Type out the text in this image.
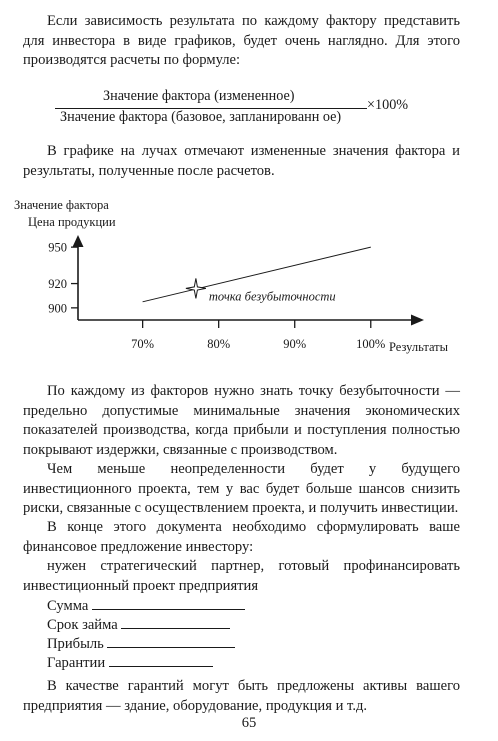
Если зависимость результата по каждому фактору представить для инвестора в виде графиков, будет очень наглядно. Для этого производятся расчеты по формуле:

Значение фактора (измененное)
Значение фактора (базовое, запланированн ое)
×100%

В графике на лучах отмечают измененные значения фактора и результаты, полученные после расчетов.

Значение фактора
Цена продукции
900
920
950
70%	80%	90%	100%
точка безубыточности
Результаты

По каждому из факторов нужно знать точку безубыточности — предельно допустимые минимальные значения экономических показателей производства, когда прибыли и поступления полностью покрывают издержки, связанные с производством.

Чем меньше неопределенности будет у будущего инвестиционного проекта, тем у вас будет больше шансов снизить риски, связанные с осуществлением проекта, и получить инвестиции.

В конце этого документа необходимо сформулировать ваше финансовое предложение инвестору:

нужен стратегический партнер, готовый профинансировать инвестиционный проект предприятия

Сумма
Срок займа
Прибыль
Гарантии

В качестве гарантий могут быть предложены активы вашего предприятия — здание, оборудование, продукция и т.д.

65
